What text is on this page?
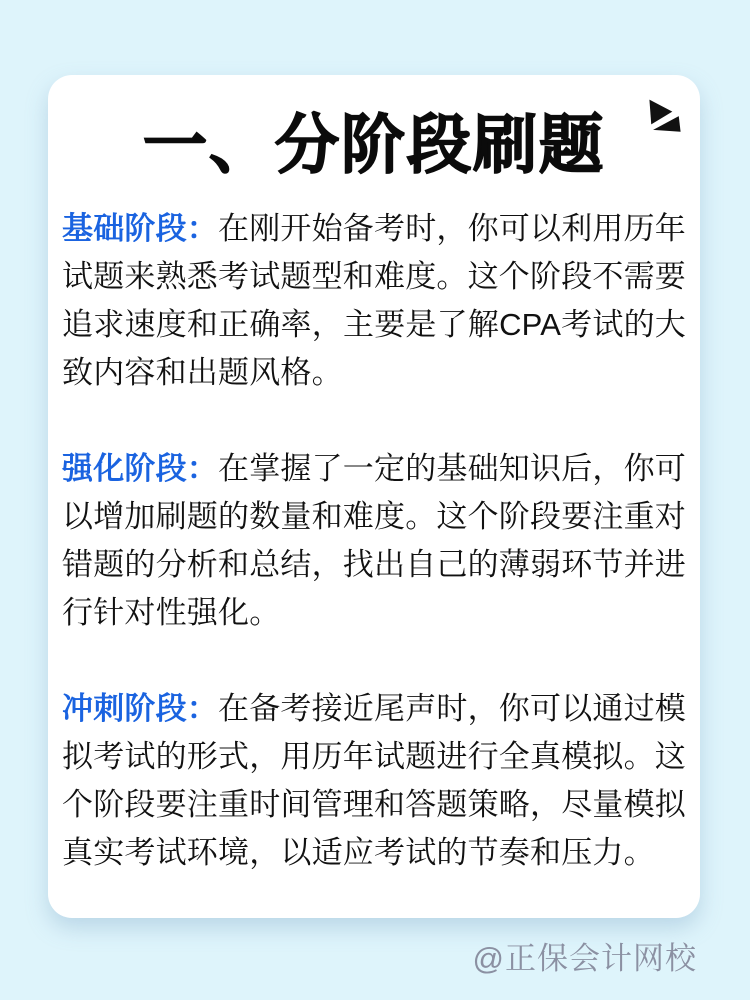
一、分阶段刷题

基础阶段：在刚开始备考时，你可以利用历年试题来熟悉考试题型和难度。这个阶段不需要追求速度和正确率，主要是了解CPA考试的大致内容和出题风格。

强化阶段：在掌握了一定的基础知识后，你可以增加刷题的数量和难度。这个阶段要注重对错题的分析和总结，找出自己的薄弱环节并进行针对性强化。

冲刺阶段：在备考接近尾声时，你可以通过模拟考试的形式，用历年试题进行全真模拟。这个阶段要注重时间管理和答题策略，尽量模拟真实考试环境，以适应考试的节奏和压力。

@正保会计网校
